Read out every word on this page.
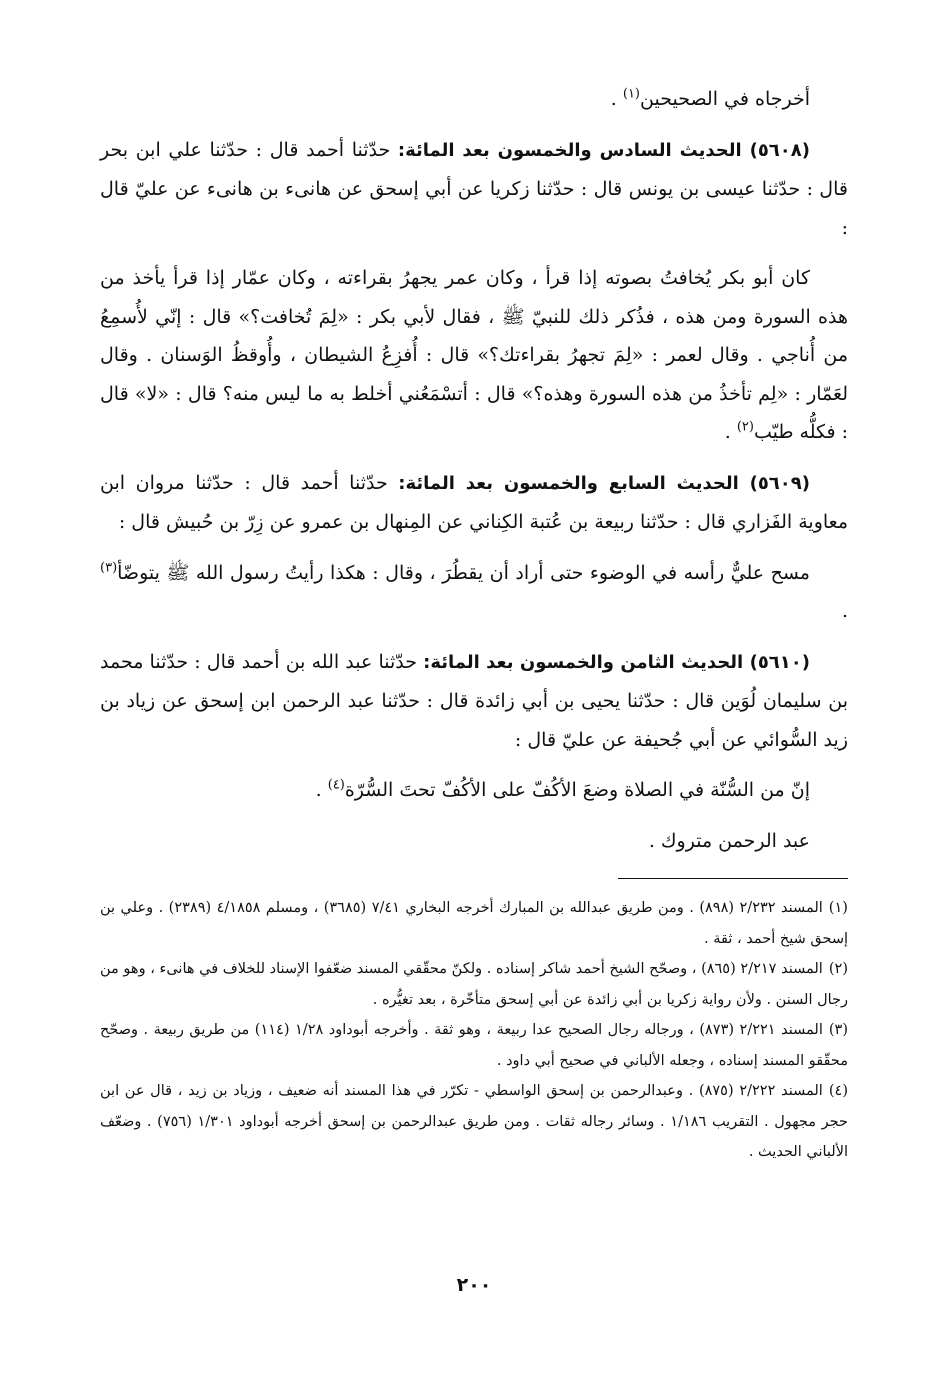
أخرجاه في الصحيحين$^{(١)}$ .

(٥٦٠٨) الحديث السادس والخمسون بعد المائة: حدّثنا أحمد قال : حدّثنا علي ابن بحر قال : حدّثنا عيسى بن يونس قال : حدّثنا زكريا عن أبي إسحق عن هانىء بن هانىء عن عليّ قال :

كان أبو بكر يُخافتُ بصوته إذا قرأ ، وكان عمر يجهرُ بقراءته ، وكان عمّار إذا قرأ يأخذ من هذه السورة ومن هذه ، فذُكر ذلك للنبيّ ﷺ ، فقال لأبي بكر : «لِمَ تُخافت؟» قال : إنّي لأُسمِعُ من أُناجي . وقال لعمر : «لِمَ تجهرُ بقراءتك؟» قال : أُفزِعُ الشيطان ، وأُوقظُ الوَسنان . وقال لعَمّار : «لِم تأخذُ من هذه السورة وهذه؟» قال : أتسْمَعُني أخلط به ما ليس منه؟ قال : «لا» قال : فكلُّه طيّب$^{(٢)}$ .

(٥٦٠٩) الحديث السابع والخمسون بعد المائة: حدّثنا أحمد قال : حدّثنا مروان ابن معاوية الفَزاري قال : حدّثنا ربيعة بن عُتبة الكِناني عن المِنهال بن عمرو عن زِرّ بن حُبيش قال :

مسح عليٌّ رأسه في الوضوء حتى أراد أن يقطُرَ ، وقال : هكذا رأيتُ رسول الله ﷺ يتوضّأ$^{(٣)}$ .

(٥٦١٠) الحديث الثامن والخمسون بعد المائة: حدّثنا عبد الله بن أحمد قال : حدّثنا محمد بن سليمان لُوَين قال : حدّثنا يحيى بن أبي زائدة قال : حدّثنا عبد الرحمن ابن إسحق عن زياد بن زيد السُّوائي عن أبي جُحيفة عن عليّ قال :

إنّ من السُّنّة في الصلاة وضعَ الأكُفّ على الأكُفّ تحتَ السُّرّة$^{(٤)}$ .

عبد الرحمن متروك .

(١)المسند ٢/٢٣٢ (٨٩٨) . ومن طريق عبدالله بن المبارك أخرجه البخاري ٧/٤١ (٣٦٨٥) ، ومسلم ٤/١٨٥٨ (٢٣٨٩) . وعلي بن إسحق شيخ أحمد ، ثقة .

(٢)المسند ٢/٢١٧ (٨٦٥) ، وصحّح الشيخ أحمد شاكر إسناده . ولكنّ محقّقي المسند ضعّفوا الإسناد للخلاف في هانىء ، وهو من رجال السنن . ولأن رواية زكريا بن أبي زائدة عن أبي إسحق متأخّرة ، بعد تغيُّره .

(٣)المسند ٢/٢٢١ (٨٧٣) ، ورجاله رجال الصحيح عدا ربيعة ، وهو ثقة . وأخرجه أبوداود ١/٢٨ (١١٤) من طريق ربيعة . وصحّح محقّقو المسند إسناده ، وجعله الألباني في صحيح أبي داود .

(٤)المسند ٢/٢٢٢ (٨٧٥) . وعبدالرحمن بن إسحق الواسطي - تكرّر في هذا المسند أنه ضعيف ، وزياد بن زيد ، قال عن ابن حجر مجهول . التقريب ١/١٨٦ . وسائر رجاله ثقات . ومن طريق عبدالرحمن بن إسحق أخرجه أبوداود ١/٣٠١ (٧٥٦) . وضعّف الألباني الحديث .

٢٠٠
